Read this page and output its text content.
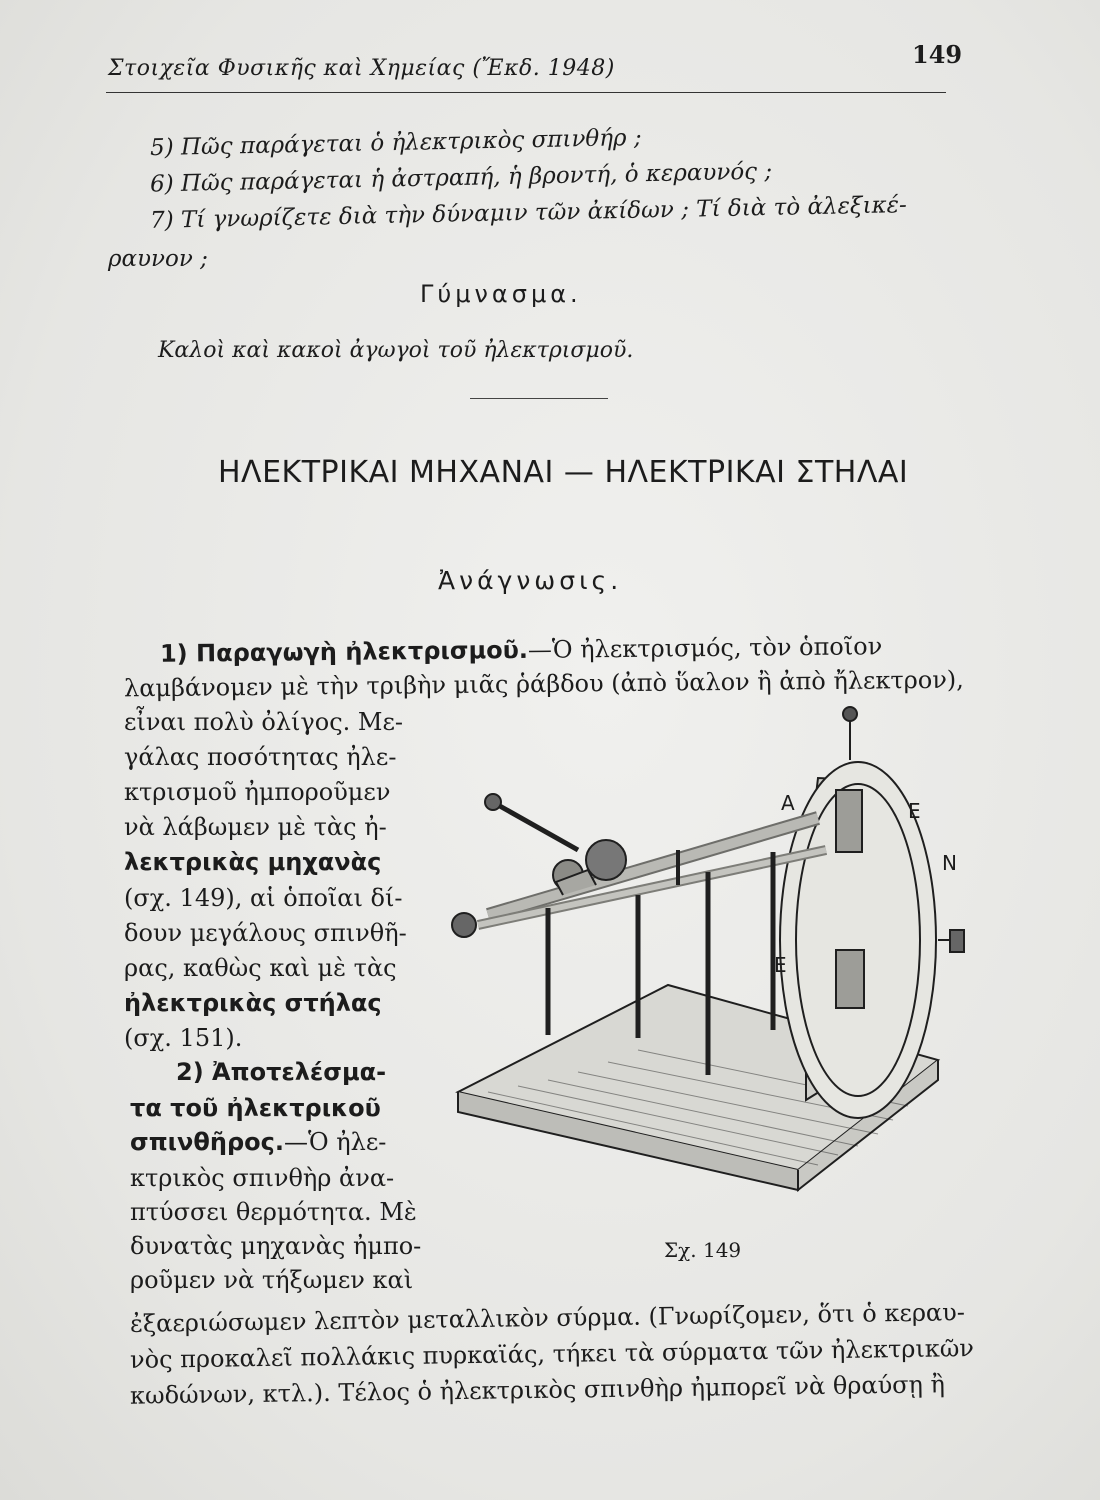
Στοιχεῖα Φυσικῆς καὶ Χημείας (Ἔκδ. 1948)	149
5) Πῶς παράγεται ὁ ἠλεκτρικὸς σπινθήρ ;
6) Πῶς παράγεται ἡ ἀστραπή, ἡ βροντή, ὁ κεραυνός ;
7) Τί γνωρίζετε διὰ τὴν δύναμιν τῶν ἀκίδων ; Τί διὰ τὸ ἀλεξικέ-
ραυνον ;
Γύμνασμα.
Καλοὶ καὶ κακοὶ ἀγωγοὶ τοῦ ἠλεκτρισμοῦ.
ΗΛΕΚΤΡΙΚΑΙ ΜΗΧΑΝΑΙ — ΗΛΕΚΤΡΙΚΑΙ ΣΤΗΛΑΙ
Ἀνάγνωσις.
1) Παραγωγὴ ἠλεκτρισμοῦ.—Ὁ ἠλεκτρισμός, τὸν ὁποῖον
λαμβάνομεν μὲ τὴν τριβὴν μιᾶς ῥάβδου (ἀπὸ ὕαλον ἢ ἀπὸ ἤλεκτρον),
εἶναι πολὺ ὀλίγος. Με-
γάλας ποσότητας ἠλε-
κτρισμοῦ ἠμποροῦμεν
νὰ λάβωμεν μὲ τὰς ἠ-
λεκτρικὰς μηχανὰς
(σχ. 149), αἱ ὁποῖαι δί-
δουν μεγάλους σπινθῆ-
ρας, καθὼς καὶ μὲ τὰς
ἠλεκτρικὰς στήλας
(σχ. 151).
2) Ἀποτελέσμα-
τα τοῦ ἠλεκτρικοῦ
σπινθῆρος.—Ὁ ἠλε-
κτρικὸς σπινθὴρ ἀνα-
πτύσσει θερμότητα. Μὲ
δυνατὰς μηχανὰς ἠμπο-
ροῦμεν νὰ τήξωμεν καὶ
ἐξαεριώσωμεν λεπτὸν μεταλλικὸν σύρμα. (Γνωρίζομεν, ὅτι ὁ κεραυ-
νὸς προκαλεῖ πολλάκις πυρκαϊάς, τήκει τὰ σύρματα τῶν ἠλεκτρικῶν
κωδώνων, κτλ.). Τέλος ὁ ἠλεκτρικὸς σπινθὴρ ἠμπορεῖ νὰ θραύσῃ ἢ
A	E
N
E
Σχ. 149
